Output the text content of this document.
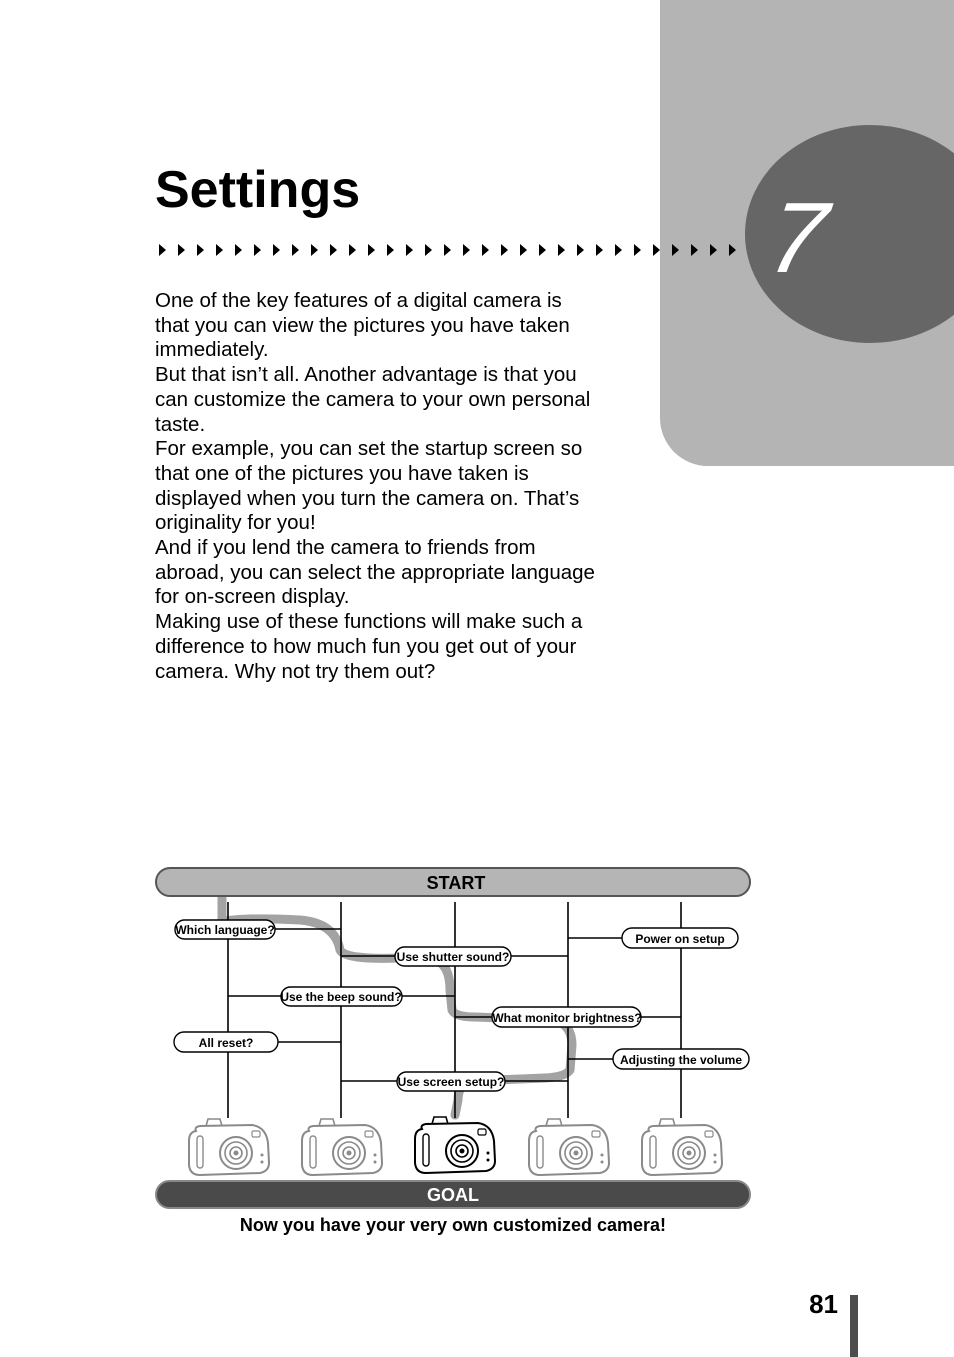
7
Settings

One of the key features of a digital camera is that you can view the pictures you have taken immediately.

But that isn’t all. Another advantage is that you can customize the camera to your own personal taste.

For example, you can set the startup screen so that one of the pictures you have taken is displayed when you turn the camera on. That’s originality for you!

And if you lend the camera to friends from abroad, you can select the appropriate language for on-screen display.

Making use of these functions will make such a difference to how much fun you get out of your camera. Why not try them out?

START
Which language?
Use shutter sound?
Power on setup
Use the beep sound?
What monitor brightness?
All reset?
Adjusting the volume
Use screen setup?
GOAL

Now you have your very own customized camera!

81
